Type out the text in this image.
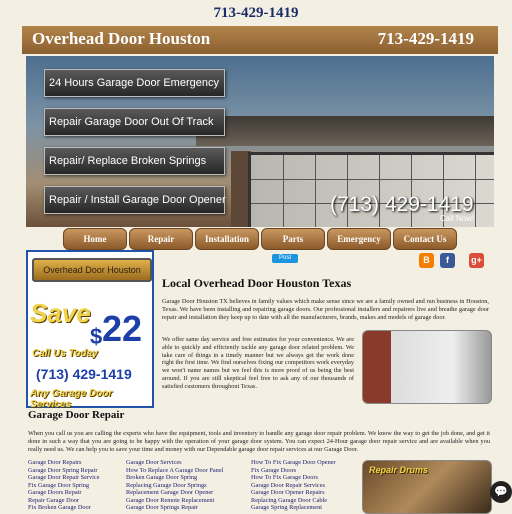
713-429-1419
Overhead Door Houston	713-429-1419
24 Hours Garage Door Emergency
Repair Garage Door Out Of Track
Repair/ Replace Broken Springs
Repair / Install Garage Door Opener	(713) 429-1419
Call Now!
Home	Repair	Installation	Parts	Emergency	Contact Us
Overhead Door Houston
Save
$ 22
Call Us Today
(713) 429-1419
Any Garage Door Services
Post	B	f	g+
Local Overhead Door Houston Texas
Garage Door Houston TX believes in family values which make sense since we are a family owned and run business in Houston, Texas. We have been installing and repairing garage doors. Our professional installers and repairers live and breathe garage door repair and installation they keep up to date with all the manufacturers, brands, makes and models of garage door.
We offer same day service and free estimates for your convenience. We are able to quickly and efficiently tackle any garage door related problem. We take care of things in a timely manner but we always get the work done right the first time. We find ourselves fixing our competitors work everyday we won't name names but we feel this is more proof of us being the best around. If you are still skeptical feel free to ask any of our thousands of satisfied customers throughout Texas.
Garage Door Repair
When you call us you are calling the experts who have the equipment, tools and inventory to handle any garage door repair problem. We know the way to get the job done, and get it done in such a way that you are going to be happy with the operation of your garage door system. You can expect 24-Hour garage door repair service and are available when you really need us. We can help you to save your time and money with our Dependable garage door repair services at our Garage Door.
Garage Door Repairs
Garage Door Spring Repair
Garage Door Repair Service
Fix Garage Door Spring
Garage Doors Repair
Repair Garage Door
Fix Broken Garage Door
Garage Door Services
How To Replace A Garage Door Panel
Broken Garage Door Spring
Replacing Garage Door Springs
Replacement Garage Door Opener
Garage Door Remote Replacement
Garage Door Springs Repair
How To Fix Garage Door Opener
Fix Garage Doors
How To Fix Garage Doors
Garage Door Repair Services
Garage Door Opener Repairs
Replacing Garage Door Cable
Garage Spring Replacement
Repair Drums
💬
